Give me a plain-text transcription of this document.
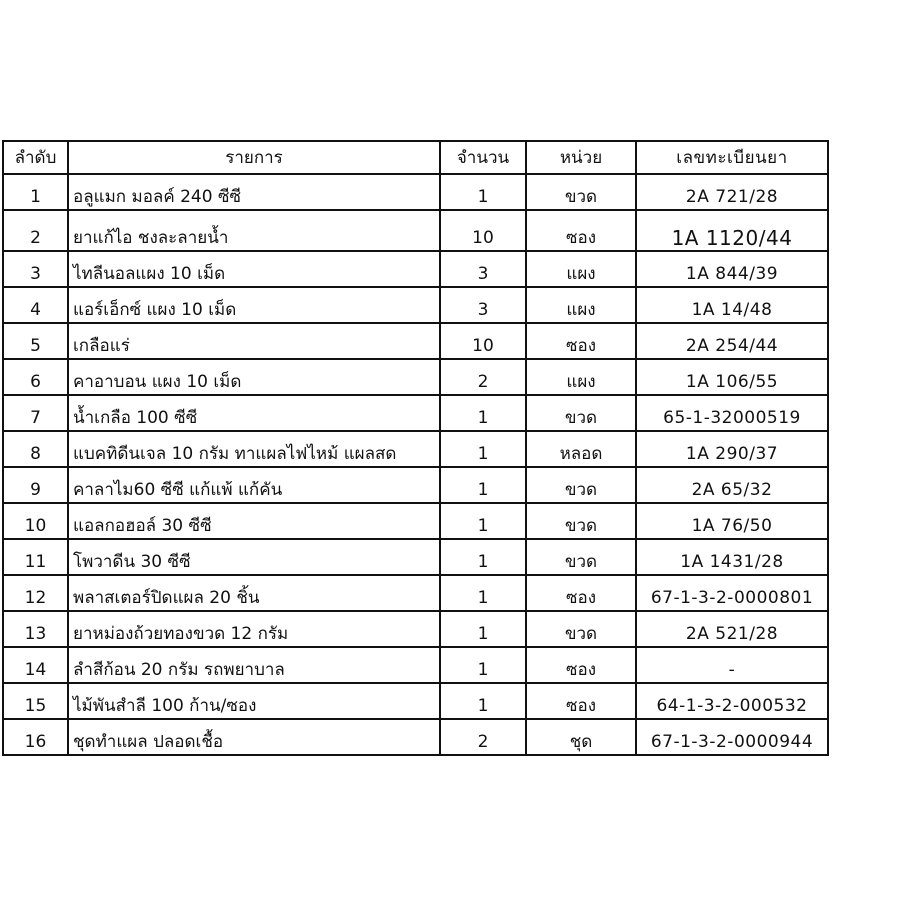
ลำดับ	รายการ	จำนวน	หน่วย	เลขทะเบียนยา
1	อลูแมก มอลค์ 240 ซีซี	1	ขวด	2A 721/28
2	ยาแก้ไอ ชงละลายน้ำ	10	ซอง	1A 1120/44
3	ไทลีนอลแผง 10 เม็ด	3	แผง	1A 844/39
4	แอร์เอ็กซ์ แผง 10 เม็ด	3	แผง	1A 14/48
5	เกลือแร่	10	ซอง	2A 254/44
6	คาอาบอน แผง 10 เม็ด	2	แผง	1A 106/55
7	น้ำเกลือ 100 ซีซี	1	ขวด	65-1-32000519
8	แบคทิดีนเจล 10 กรัม ทาแผลไฟไหม้ แผลสด	1	หลอด	1A 290/37
9	คาลาไม60 ซีซี แก้แพ้ แก้คัน	1	ขวด	2A 65/32
10	แอลกอฮอล์ 30 ซีซี	1	ขวด	1A 76/50
11	โพวาดีน 30 ซีซี	1	ขวด	1A 1431/28
12	พลาสเตอร์ปิดแผล 20 ชิ้น	1	ซอง	67-1-3-2-0000801
13	ยาหม่องถ้วยทองขวด 12 กรัม	1	ขวด	2A 521/28
14	ลำสีก้อน 20 กรัม รถพยาบาล	1	ซอง	-
15	ไม้พันสำลี 100 ก้าน/ซอง	1	ซอง	64-1-3-2-000532
16	ชุดทำแผล ปลอดเชื้อ	2	ชุด	67-1-3-2-0000944
